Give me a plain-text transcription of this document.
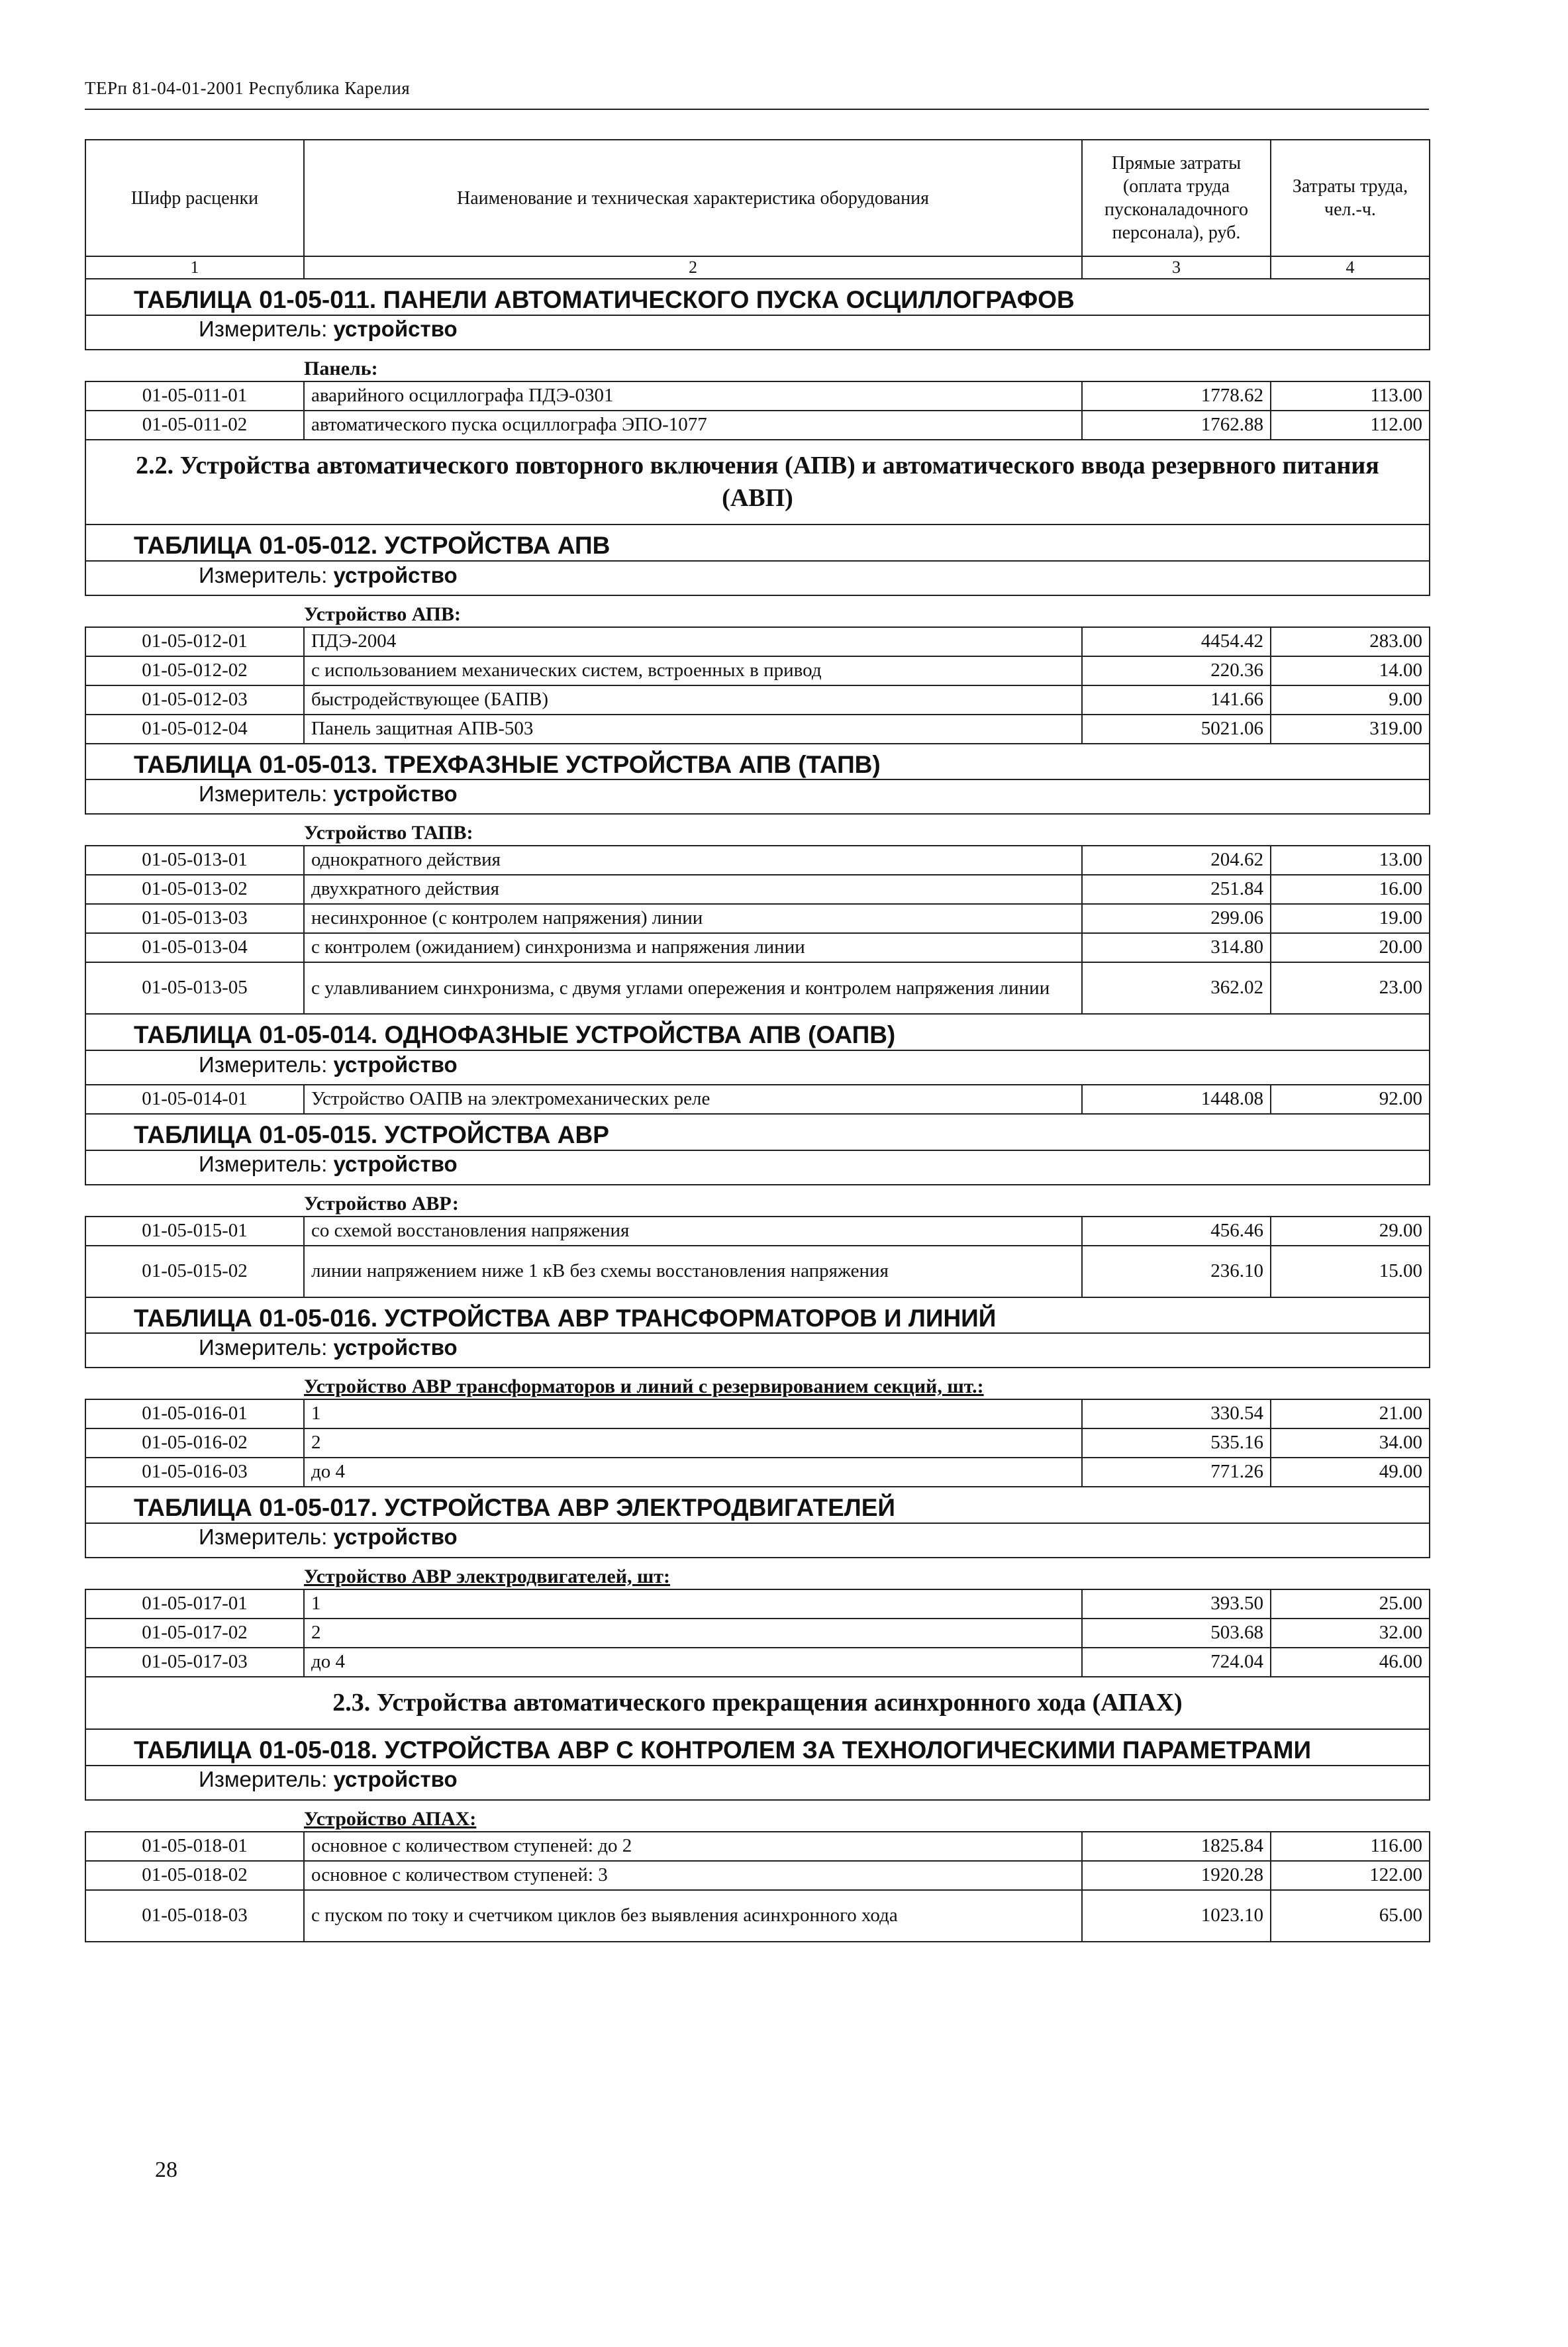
ТЕРп 81-04-01-2001 Республика Карелия
Шифр расценки	Наименование и техническая характеристика оборудования	Прямые затраты (оплата труда пусконаладочного персонала), руб.	Затраты труда, чел.-ч.
1	2	3	4
ТАБЛИЦА 01-05-011. ПАНЕЛИ АВТОМАТИЧЕСКОГО ПУСКА ОСЦИЛЛОГРАФОВ			
Измеритель: устройство			
Панель:			
01-05-011-01	аварийного осциллографа ПДЭ-0301	1778.62	113.00
01-05-011-02	автоматического пуска осциллографа ЭПО-1077	1762.88	112.00
2.2. Устройства автоматического повторного включения (АПВ) и автоматического ввода резервного питания (АВП)			
ТАБЛИЦА 01-05-012. УСТРОЙСТВА АПВ			
Измеритель: устройство			
Устройство АПВ:			
01-05-012-01	ПДЭ-2004	4454.42	283.00
01-05-012-02	с использованием механических систем, встроенных в привод	220.36	14.00
01-05-012-03	быстродействующее (БАПВ)	141.66	9.00
01-05-012-04	Панель защитная АПВ-503	5021.06	319.00
ТАБЛИЦА 01-05-013. ТРЕХФАЗНЫЕ УСТРОЙСТВА АПВ (ТАПВ)			
Измеритель: устройство			
Устройство ТАПВ:			
01-05-013-01	однократного действия	204.62	13.00
01-05-013-02	двухкратного действия	251.84	16.00
01-05-013-03	несинхронное (с контролем напряжения) линии	299.06	19.00
01-05-013-04	с контролем (ожиданием) синхронизма и напряжения линии	314.80	20.00
01-05-013-05	с улавливанием синхронизма, с двумя углами опережения и контролем напряжения линии	362.02	23.00
ТАБЛИЦА 01-05-014. ОДНОФАЗНЫЕ УСТРОЙСТВА АПВ (ОАПВ)			
Измеритель: устройство			
01-05-014-01	Устройство ОАПВ на электромеханических реле	1448.08	92.00
ТАБЛИЦА 01-05-015. УСТРОЙСТВА АВР			
Измеритель: устройство			
Устройство АВР:			
01-05-015-01	со схемой восстановления напряжения	456.46	29.00
01-05-015-02	линии напряжением ниже 1 кВ без схемы восстановления напряжения	236.10	15.00
ТАБЛИЦА 01-05-016. УСТРОЙСТВА АВР ТРАНСФОРМАТОРОВ И ЛИНИЙ			
Измеритель: устройство			
Устройство АВР трансформаторов и линий с резервированием секций, шт.:			
01-05-016-01	1	330.54	21.00
01-05-016-02	2	535.16	34.00
01-05-016-03	до 4	771.26	49.00
ТАБЛИЦА 01-05-017. УСТРОЙСТВА АВР ЭЛЕКТРОДВИГАТЕЛЕЙ			
Измеритель: устройство			
Устройство АВР электродвигателей, шт:			
01-05-017-01	1	393.50	25.00
01-05-017-02	2	503.68	32.00
01-05-017-03	до 4	724.04	46.00
2.3. Устройства автоматического прекращения асинхронного хода (АПАХ)			
ТАБЛИЦА 01-05-018. УСТРОЙСТВА АВР С КОНТРОЛЕМ ЗА ТЕХНОЛОГИЧЕСКИМИ ПАРАМЕТРАМИ			
Измеритель: устройство			
Устройство АПАХ:			
01-05-018-01	основное с количеством ступеней: до 2	1825.84	116.00
01-05-018-02	основное с количеством ступеней: 3	1920.28	122.00
01-05-018-03	с пуском по току и счетчиком циклов без выявления асинхронного хода	1023.10	65.00
28
